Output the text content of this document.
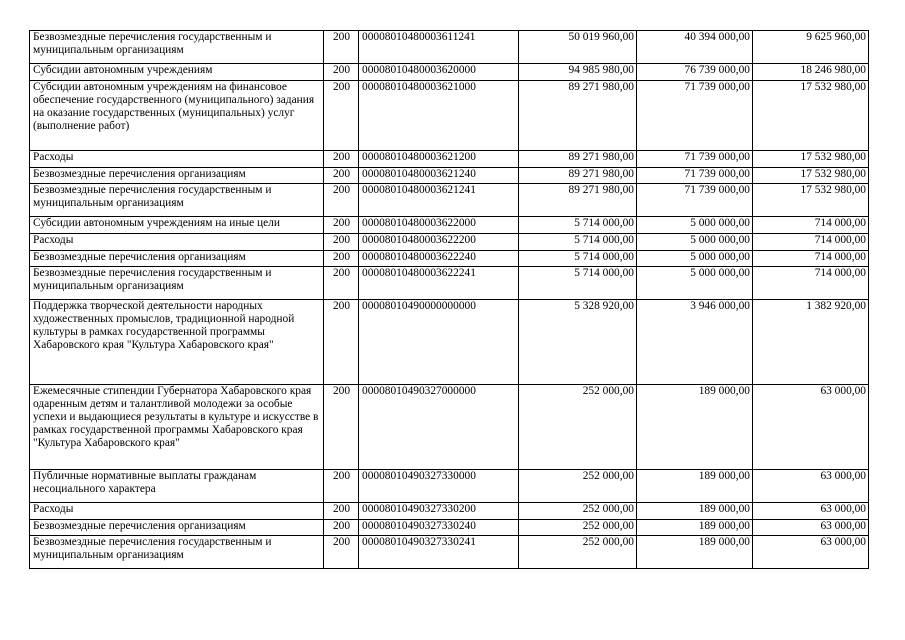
Безвозмездные перечисления государственным и муниципальным организациям	200	00008010480003611241	50 019 960,00	40 394 000,00	9 625 960,00
Субсидии автономным учреждениям	200	00008010480003620000	94 985 980,00	76 739 000,00	18 246 980,00
Субсидии автономным учреждениям на финансовое обеспечение государственного (муниципального) задания на оказание государственных (муниципальных) услуг (выполнение работ)	200	00008010480003621000	89 271 980,00	71 739 000,00	17 532 980,00
Расходы	200	00008010480003621200	89 271 980,00	71 739 000,00	17 532 980,00
Безвозмездные перечисления организациям	200	00008010480003621240	89 271 980,00	71 739 000,00	17 532 980,00
Безвозмездные перечисления государственным и муниципальным организациям	200	00008010480003621241	89 271 980,00	71 739 000,00	17 532 980,00
Субсидии автономным учреждениям на иные цели	200	00008010480003622000	5 714 000,00	5 000 000,00	714 000,00
Расходы	200	00008010480003622200	5 714 000,00	5 000 000,00	714 000,00
Безвозмездные перечисления организациям	200	00008010480003622240	5 714 000,00	5 000 000,00	714 000,00
Безвозмездные перечисления государственным и муниципальным организациям	200	00008010480003622241	5 714 000,00	5 000 000,00	714 000,00
Поддержка творческой деятельности народных художественных промыслов, традиционной народной культуры в рамках государственной программы Хабаровского края "Культура Хабаровского края"	200	00008010490000000000	5 328 920,00	3 946 000,00	1 382 920,00
Ежемесячные стипендии Губернатора Хабаровского края одаренным детям и талантливой молодежи за особые успехи и выдающиеся результаты в культуре и искусстве в рамках государственной программы Хабаровского края "Культура Хабаровского края"	200	00008010490327000000	252 000,00	189 000,00	63 000,00
Публичные нормативные выплаты гражданам несоциального характера	200	00008010490327330000	252 000,00	189 000,00	63 000,00
Расходы	200	00008010490327330200	252 000,00	189 000,00	63 000,00
Безвозмездные перечисления организациям	200	00008010490327330240	252 000,00	189 000,00	63 000,00
Безвозмездные перечисления государственным и муниципальным организациям	200	00008010490327330241	252 000,00	189 000,00	63 000,00
